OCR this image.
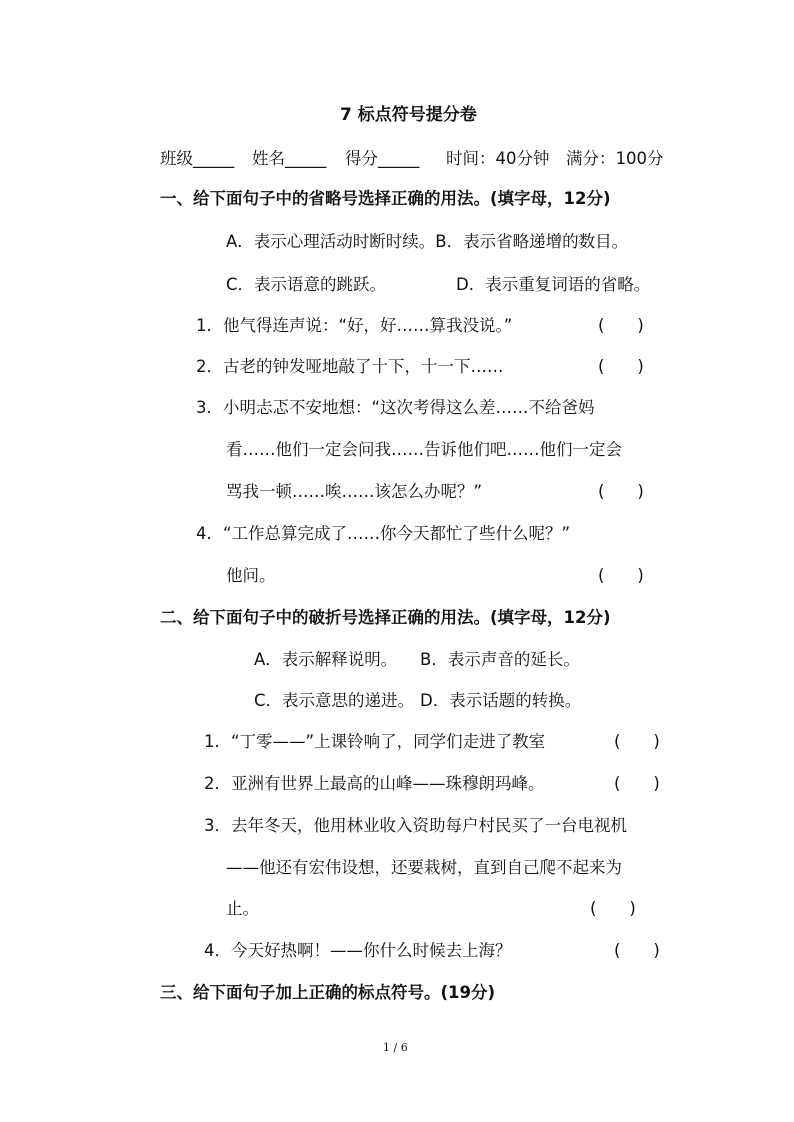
7 标点符号提分卷
班级_____ 姓名_____ 得分_____ 时间：40分钟 满分：100分
一、给下面句子中的省略号选择正确的用法。(填字母，12分)
A．表示心理活动时断时续。B．表示省略递增的数目。
C．表示语意的跳跃。	D．表示重复词语的省略。
1．他气得连声说：“好，好……算我没说。”	(　　)
2．古老的钟发哑地敲了十下，十一下……	(　　)
3．小明忐忑不安地想：“这次考得这么差……不给爸妈
看……他们一定会问我……告诉他们吧……他们一定会
骂我一顿……唉……该怎么办呢？”	(　　)
4．“工作总算完成了……你今天都忙了些什么呢？”
他问。	(　　)
二、给下面句子中的破折号选择正确的用法。(填字母，12分)
A．表示解释说明。 B．表示声音的延长。
C．表示意思的递进。 D．表示话题的转换。
1．“丁零——”上课铃响了，同学们走进了教室	(　　)
2．亚洲有世界上最高的山峰——珠穆朗玛峰。	(　　)
3．去年冬天，他用林业收入资助每户村民买了一台电视机
——他还有宏伟设想，还要栽树，直到自己爬不起来为
止。	(　　)
4．今天好热啊！——你什么时候去上海？	(　　)
三、给下面句子加上正确的标点符号。(19分)
1 / 6
